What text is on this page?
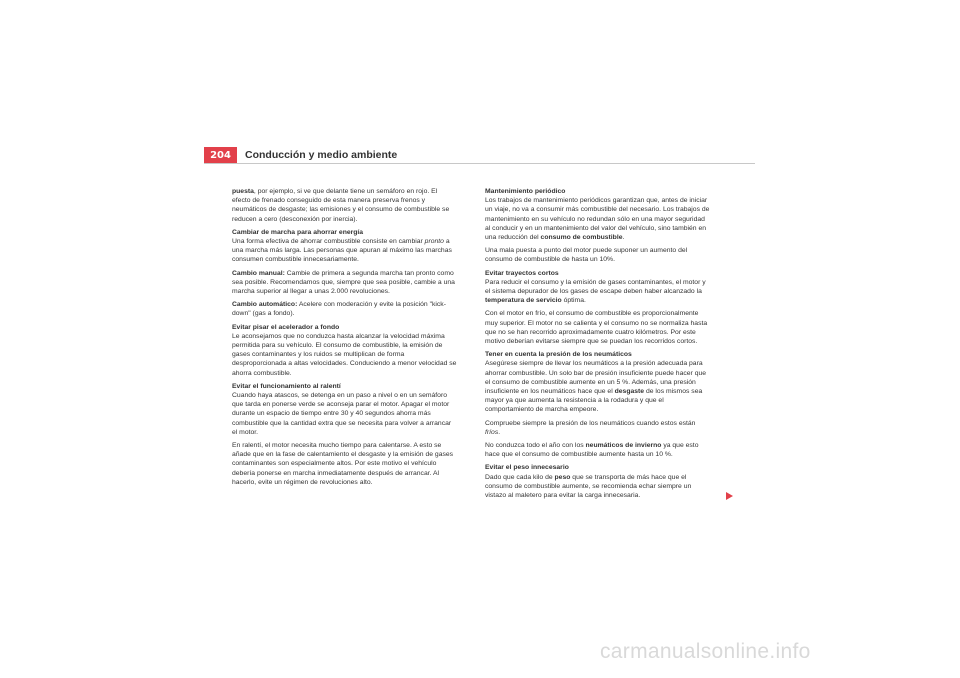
204	Conducción y medio ambiente

puesta, por ejemplo, si ve que delante tiene un semáforo en rojo. El efecto de frenado conseguido de esta manera preserva frenos y neumáticos de desgaste; las emisiones y el consumo de combustible se reducen a cero (desconexión por inercia).

Cambiar de marcha para ahorrar energía
Una forma efectiva de ahorrar combustible consiste en cambiar pronto a una marcha más larga. Las personas que apuran al máximo las marchas consumen combustible innecesariamente.

Cambio manual: Cambie de primera a segunda marcha tan pronto como sea posible. Recomendamos que, siempre que sea posible, cambie a una marcha superior al llegar a unas 2.000 revoluciones.

Cambio automático: Acelere con moderación y evite la posición "kick-down" (gas a fondo).

Evitar pisar el acelerador a fondo
Le aconsejamos que no conduzca hasta alcanzar la velocidad máxima permitida para su vehículo. El consumo de combustible, la emisión de gases contaminantes y los ruidos se multiplican de forma desproporcionada a altas velocidades. Conduciendo a menor velocidad se ahorra combustible.

Evitar el funcionamiento al ralentí
Cuando haya atascos, se detenga en un paso a nivel o en un semáforo que tarda en ponerse verde se aconseja parar el motor. Apagar el motor durante un espacio de tiempo entre 30 y 40 segundos ahorra más combustible que la cantidad extra que se necesita para volver a arrancar el motor.

En ralentí, el motor necesita mucho tiempo para calentarse. A esto se añade que en la fase de calentamiento el desgaste y la emisión de gases contaminantes son especialmente altos. Por este motivo el vehículo debería ponerse en marcha inmediatamente después de arrancar. Al hacerlo, evite un régimen de revoluciones alto.

Mantenimiento periódico
Los trabajos de mantenimiento periódicos garantizan que, antes de iniciar un viaje, no va a consumir más combustible del necesario. Los trabajos de mantenimiento en su vehículo no redundan sólo en una mayor seguridad al conducir y en un mantenimiento del valor del vehículo, sino también en una reducción del consumo de combustible.

Una mala puesta a punto del motor puede suponer un aumento del consumo de combustible de hasta un 10%.

Evitar trayectos cortos
Para reducir el consumo y la emisión de gases contaminantes, el motor y el sistema depurador de los gases de escape deben haber alcanzado la temperatura de servicio óptima.

Con el motor en frío, el consumo de combustible es proporcionalmente muy superior. El motor no se calienta y el consumo no se normaliza hasta que no se han recorrido aproximadamente cuatro kilómetros. Por este motivo deberían evitarse siempre que se puedan los recorridos cortos.

Tener en cuenta la presión de los neumáticos
Asegúrese siempre de llevar los neumáticos a la presión adecuada para ahorrar combustible. Un solo bar de presión insuficiente puede hacer que el consumo de combustible aumente en un 5 %. Además, una presión insuficiente en los neumáticos hace que el desgaste de los mismos sea mayor ya que aumenta la resistencia a la rodadura y que el comportamiento de marcha empeore.

Compruebe siempre la presión de los neumáticos cuando estos están fríos.

No conduzca todo el año con los neumáticos de invierno ya que esto hace que el consumo de combustible aumente hasta un 10 %.

Evitar el peso innecesario
Dado que cada kilo de peso que se transporta de más hace que el consumo de combustible aumente, se recomienda echar siempre un vistazo al maletero para evitar la carga innecesaria.

carmanualsonline.info
